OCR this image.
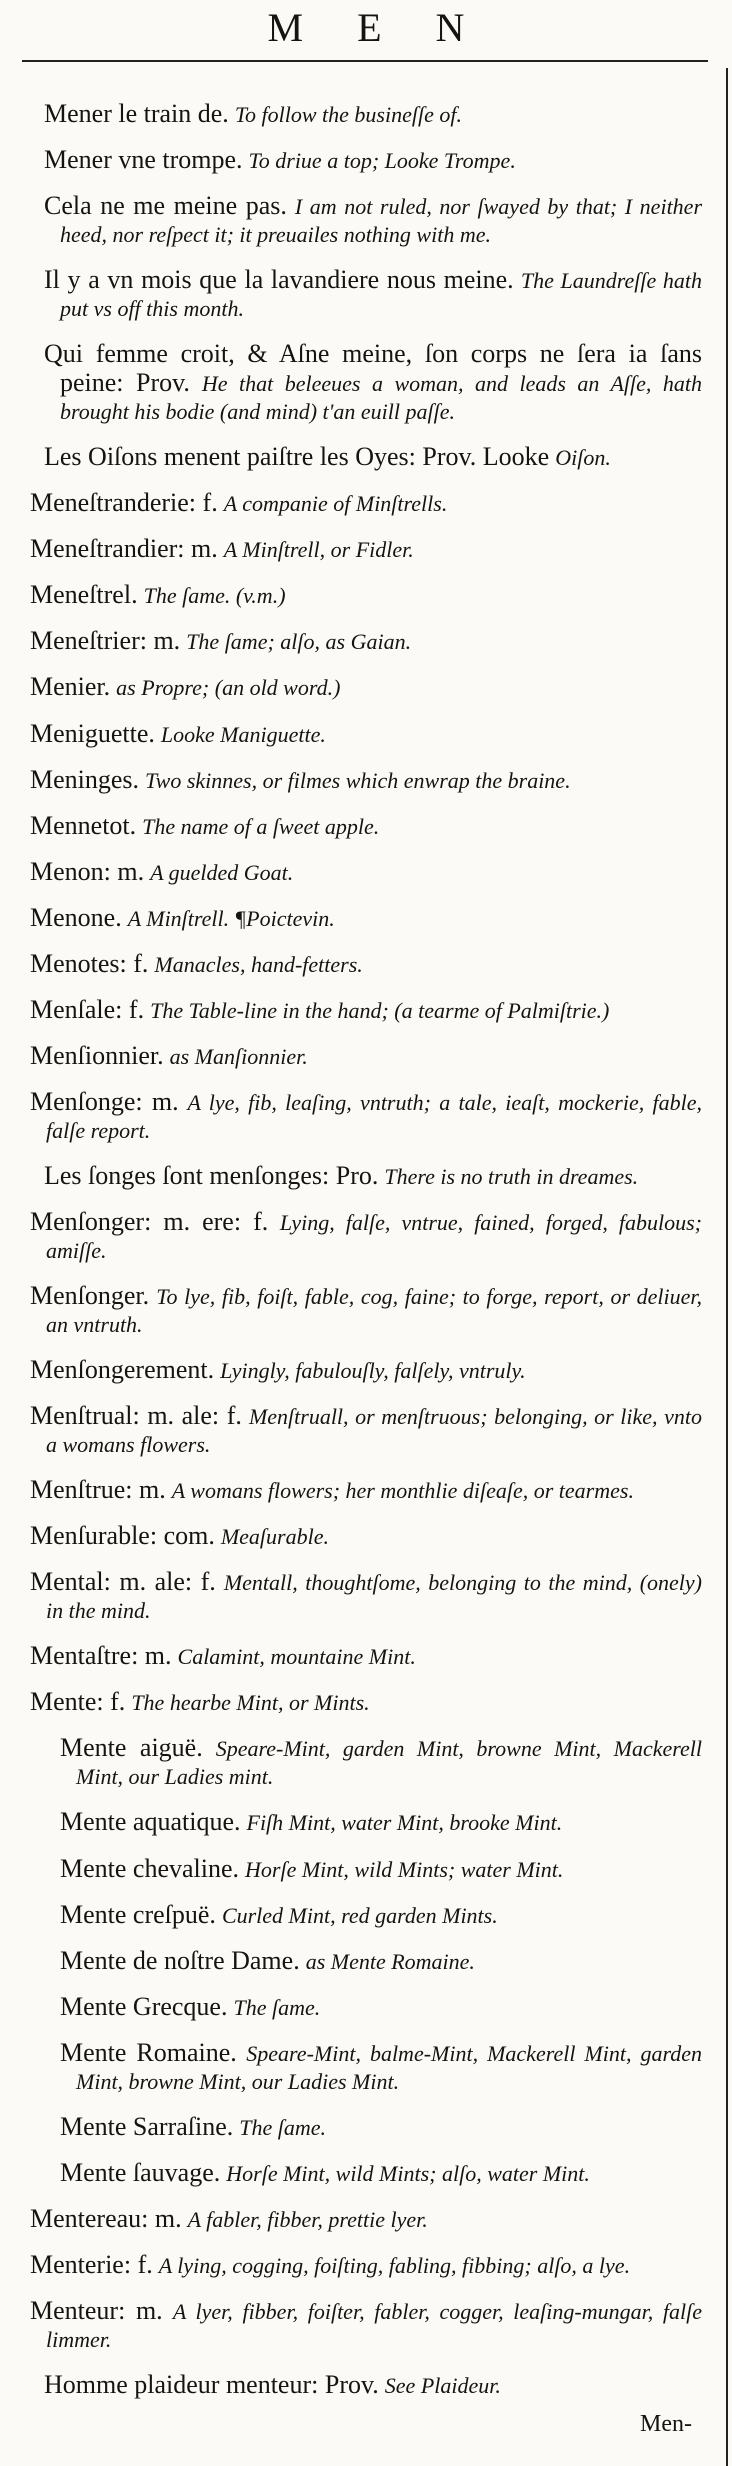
M E N
Mener le train de. To follow the busineſſe of.
Mener vne trompe. To driue a top; Looke Trompe.
Cela ne me meine pas. I am not ruled, nor ſwayed by that; I neither heed, nor reſpect it; it preuailes nothing with me.
Il y a vn mois que la lavandiere nous meine. The Laundreſſe hath put vs off this month.
Qui femme croit, & Aſne meine, ſon corps ne ſera ia ſans peine: Prov. He that beleeues a woman, and leads an Aſſe, hath brought his bodie (and mind) t'an euill paſſe.
Les Oiſons menent paiſtre les Oyes: Prov. Looke Oiſon.
Meneſtranderie: f. A companie of Minſtrells.
Meneſtrandier: m. A Minſtrell, or Fidler.
Meneſtrel. The ſame. (v.m.)
Meneſtrier: m. The ſame; alſo, as Gaian.
Menier. as Propre; (an old word.)
Meniguette. Looke Maniguette.
Meninges. Two skinnes, or filmes which enwrap the braine.
Mennetot. The name of a ſweet apple.
Menon: m. A guelded Goat.
Menone. A Minſtrell. ¶Poictevin.
Menotes: f. Manacles, hand-fetters.
Menſale: f. The Table-line in the hand; (a tearme of Palmiſtrie.)
Menſionnier. as Manſionnier.
Menſonge: m. A lye, fib, leaſing, vntruth; a tale, ieaſt, mockerie, fable, falſe report.
Les ſonges ſont menſonges: Pro. There is no truth in dreames.
Menſonger: m. ere: f. Lying, falſe, vntrue, fained, forged, fabulous; amiſſe.
Menſonger. To lye, fib, foiſt, fable, cog, faine; to forge, report, or deliuer, an vntruth.
Menſongerement. Lyingly, fabulouſly, falſely, vntruly.
Menſtrual: m. ale: f. Menſtruall, or menſtruous; belonging, or like, vnto a womans flowers.
Menſtrue: m. A womans flowers; her monthlie diſeaſe, or tearmes.
Menſurable: com. Meaſurable.
Mental: m. ale: f. Mentall, thoughtſome, belonging to the mind, (onely) in the mind.
Mentaſtre: m. Calamint, mountaine Mint.
Mente: f. The hearbe Mint, or Mints.
Mente aiguë. Speare-Mint, garden Mint, browne Mint, Mackerell Mint, our Ladies mint.
Mente aquatique. Fiſh Mint, water Mint, brooke Mint.
Mente chevaline. Horſe Mint, wild Mints; water Mint.
Mente creſpuë. Curled Mint, red garden Mints.
Mente de noſtre Dame. as Mente Romaine.
Mente Grecque. The ſame.
Mente Romaine. Speare-Mint, balme-Mint, Mackerell Mint, garden Mint, browne Mint, our Ladies Mint.
Mente Sarraſine. The ſame.
Mente ſauvage. Horſe Mint, wild Mints; alſo, water Mint.
Mentereau: m. A fabler, fibber, prettie lyer.
Menterie: f. A lying, cogging, foiſting, fabling, fibbing; alſo, a lye.
Menteur: m. A lyer, fibber, foiſter, fabler, cogger, leaſing-mungar, falſe limmer.
Homme plaideur menteur: Prov. See Plaideur.
Men-
